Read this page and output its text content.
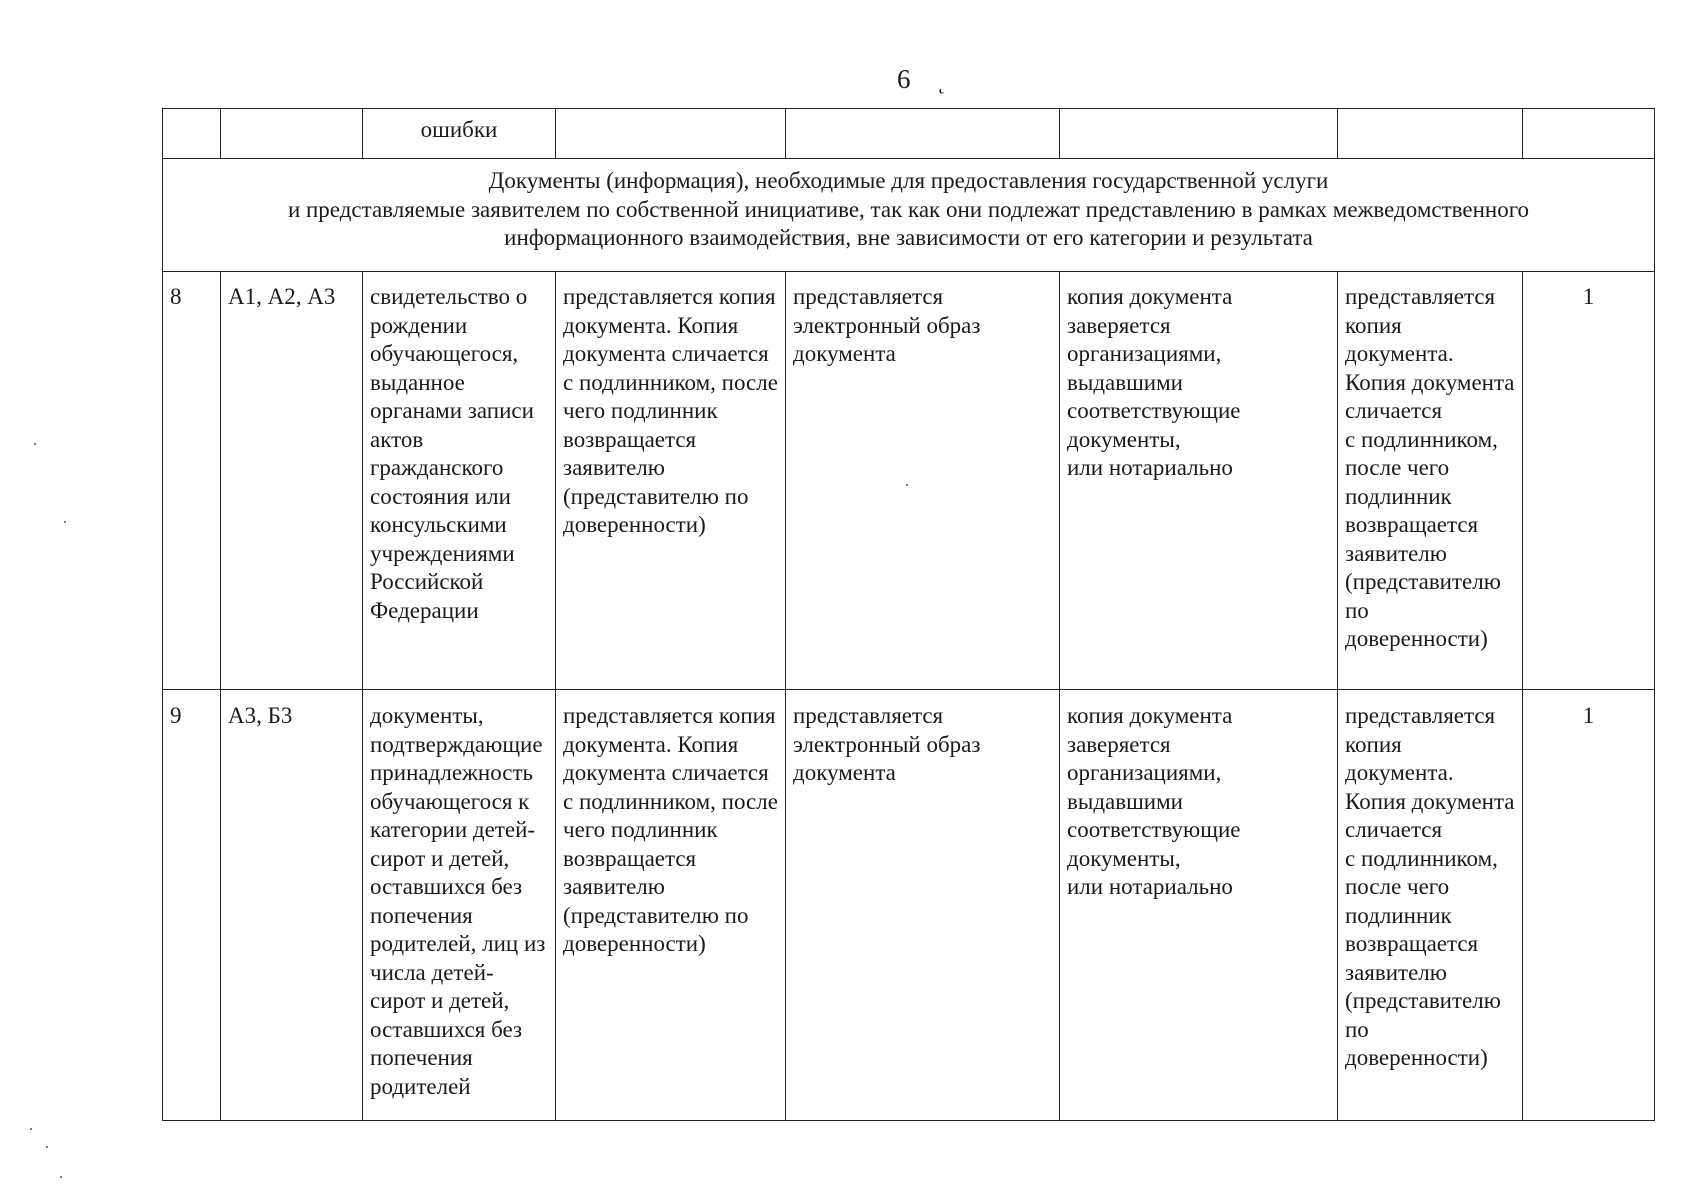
6 ˛
		ошибки					
Документы (информация), необходимые для предоставления государственной услуги
и представляемые заявителем по собственной инициативе, так как они подлежат представлению в рамках межведомственного
информационного взаимодействия, вне зависимости от его категории и результата							
8	А1, А2, А3	свидетельство о рождении обучающегося, выданное органами записи актов гражданского состояния или консульскими учреждениями Российской Федерации	представляется копия документа. Копия документа сличается с подлинником, после чего подлинник возвращается заявителю (представителю по доверенности)	представляется электронный образ документа	копия документа заверяется организациями, выдавшими соответствующие документы,
или нотариально	представляется копия документа. Копия документа сличается
с подлинником, после чего подлинник возвращается заявителю (представителю по доверенности)	1
9	А3, Б3	документы, подтверждающие принадлежность обучающегося к категории детей-сирот и детей, оставшихся без попечения родителей, лиц из числа детей-сирот и детей, оставшихся без попечения родителей	представляется копия документа. Копия документа сличается с подлинником, после чего подлинник возвращается заявителю (представителю по доверенности)	представляется электронный образ документа	копия документа заверяется организациями, выдавшими соответствующие документы,
или нотариально	представляется копия документа. Копия документа сличается
с подлинником, после чего подлинник возвращается заявителю (представителю по доверенности)	1
